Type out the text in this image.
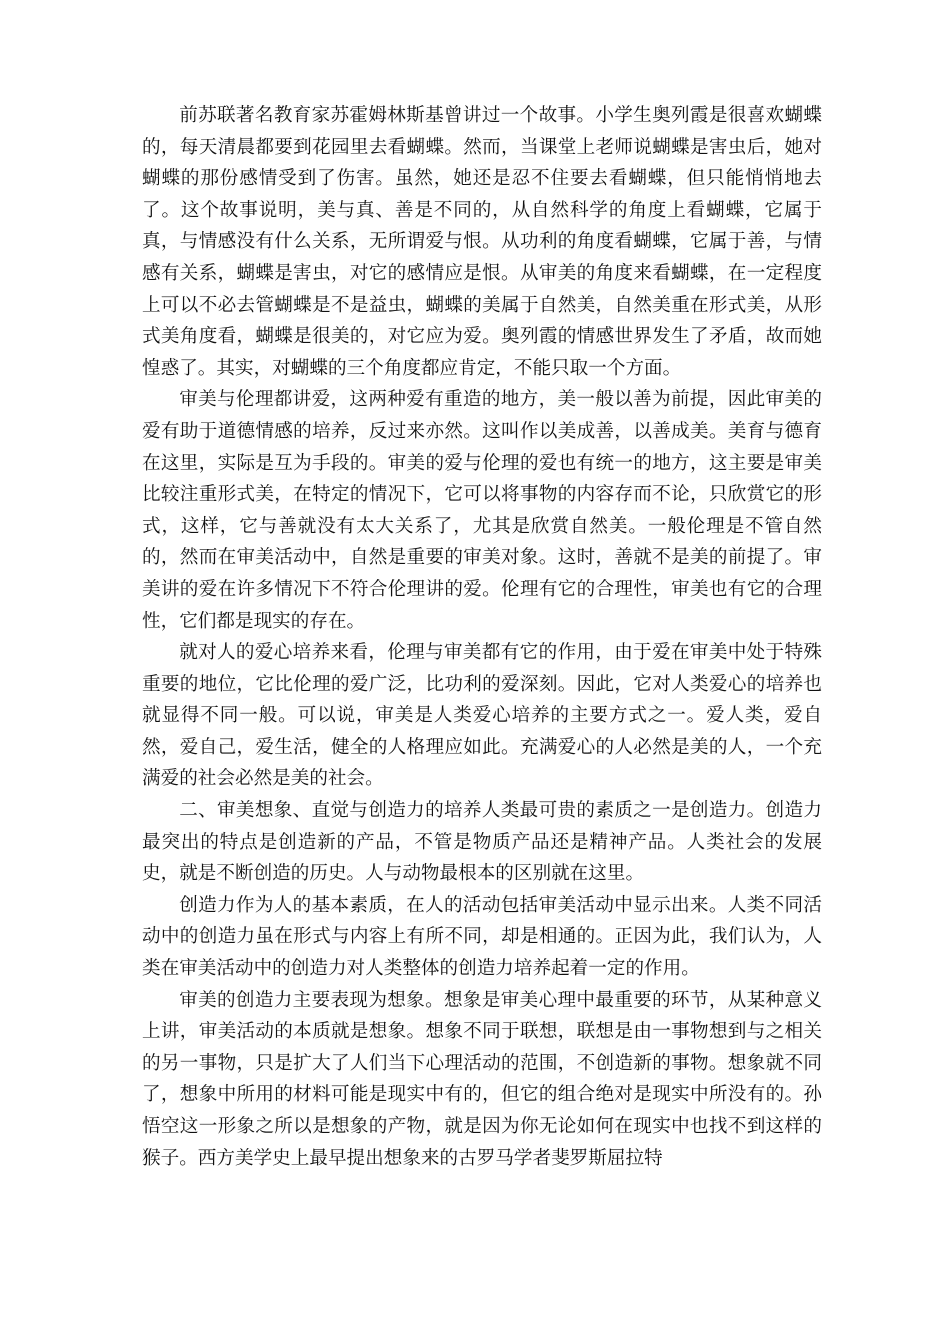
前苏联著名教育家苏霍姆林斯基曾讲过一个故事。小学生奥列霞是很喜欢蝴蝶的，每天清晨都要到花园里去看蝴蝶。然而，当课堂上老师说蝴蝶是害虫后，她对蝴蝶的那份感情受到了伤害。虽然，她还是忍不住要去看蝴蝶，但只能悄悄地去了。这个故事说明，美与真、善是不同的，从自然科学的角度上看蝴蝶，它属于真，与情感没有什么关系，无所谓爱与恨。从功利的角度看蝴蝶，它属于善，与情感有关系，蝴蝶是害虫，对它的感情应是恨。从审美的角度来看蝴蝶，在一定程度上可以不必去管蝴蝶是不是益虫，蝴蝶的美属于自然美，自然美重在形式美，从形式美角度看，蝴蝶是很美的，对它应为爱。奥列霞的情感世界发生了矛盾，故而她惶惑了。其实，对蝴蝶的三个角度都应肯定，不能只取一个方面。

审美与伦理都讲爱，这两种爱有重造的地方，美一般以善为前提，因此审美的爱有助于道德情感的培养，反过来亦然。这叫作以美成善，以善成美。美育与德育在这里，实际是互为手段的。审美的爱与伦理的爱也有统一的地方，这主要是审美比较注重形式美，在特定的情况下，它可以将事物的内容存而不论，只欣赏它的形式，这样，它与善就没有太大关系了，尤其是欣赏自然美。一般伦理是不管自然的，然而在审美活动中，自然是重要的审美对象。这时，善就不是美的前提了。审美讲的爱在许多情况下不符合伦理讲的爱。伦理有它的合理性，审美也有它的合理性，它们都是现实的存在。

就对人的爱心培养来看，伦理与审美都有它的作用，由于爱在审美中处于特殊重要的地位，它比伦理的爱广泛，比功利的爱深刻。因此，它对人类爱心的培养也就显得不同一般。可以说，审美是人类爱心培养的主要方式之一。爱人类，爱自然，爱自己，爱生活，健全的人格理应如此。充满爱心的人必然是美的人，一个充满爱的社会必然是美的社会。

二、审美想象、直觉与创造力的培养人类最可贵的素质之一是创造力。创造力最突出的特点是创造新的产品，不管是物质产品还是精神产品。人类社会的发展史，就是不断创造的历史。人与动物最根本的区别就在这里。

创造力作为人的基本素质，在人的活动包括审美活动中显示出来。人类不同活动中的创造力虽在形式与内容上有所不同，却是相通的。正因为此，我们认为，人类在审美活动中的创造力对人类整体的创造力培养起着一定的作用。

审美的创造力主要表现为想象。想象是审美心理中最重要的环节，从某种意义上讲，审美活动的本质就是想象。想象不同于联想，联想是由一事物想到与之相关的另一事物，只是扩大了人们当下心理活动的范围，不创造新的事物。想象就不同了，想象中所用的材料可能是现实中有的，但它的组合绝对是现实中所没有的。孙悟空这一形象之所以是想象的产物，就是因为你无论如何在现实中也找不到这样的猴子。西方美学史上最早提出想象来的古罗马学者斐罗斯屈拉特
